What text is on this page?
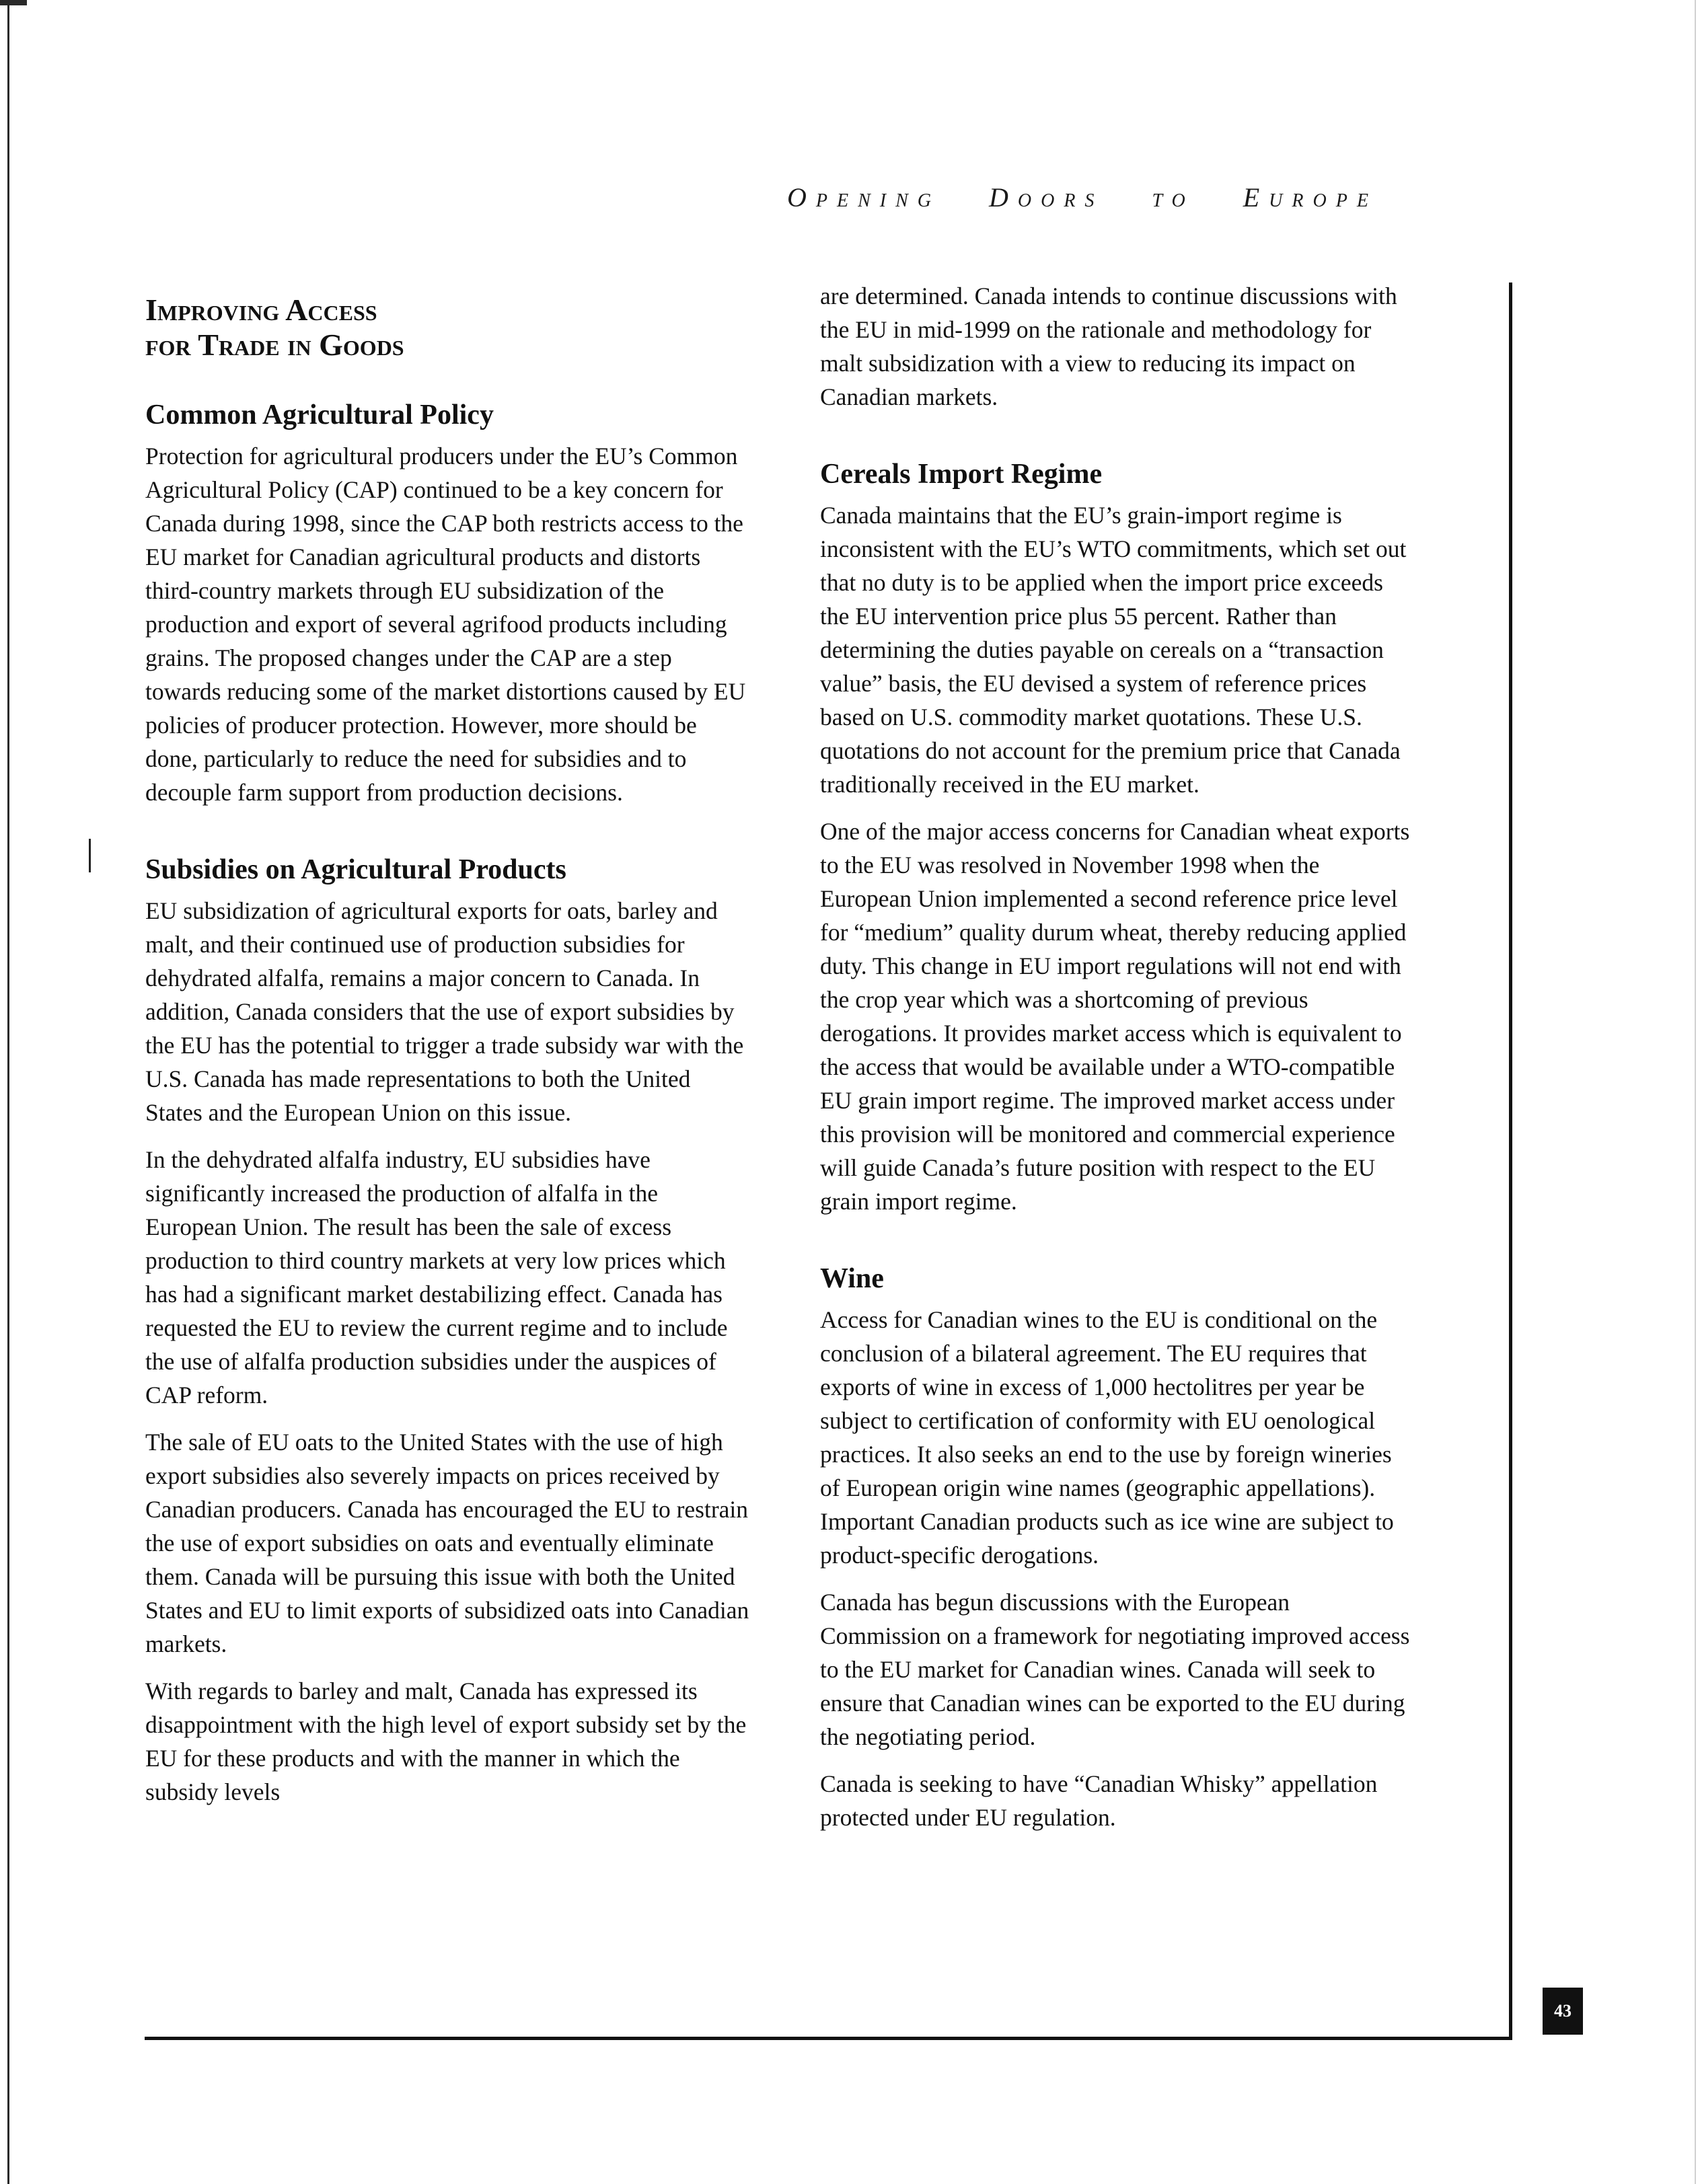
Opening Doors to Europe
Improving Access
for Trade in Goods
Common Agricultural Policy

Protection for agricultural producers under the EU’s Common Agricultural Policy (CAP) continued to be a key concern for Canada during 1998, since the CAP both restricts access to the EU market for Canadian agricultural products and distorts third-country markets through EU subsidization of the production and export of several agrifood products including grains. The proposed changes under the CAP are a step towards reducing some of the market distortions caused by EU policies of producer protection. However, more should be done, particularly to reduce the need for subsidies and to decouple farm support from production decisions.

Subsidies on Agricultural Products

EU subsidization of agricultural exports for oats, barley and malt, and their continued use of production subsidies for dehydrated alfalfa, remains a major concern to Canada. In addition, Canada considers that the use of export subsidies by the EU has the potential to trigger a trade subsidy war with the U.S. Canada has made representations to both the United States and the European Union on this issue.

In the dehydrated alfalfa industry, EU subsidies have significantly increased the production of alfalfa in the European Union. The result has been the sale of excess production to third country markets at very low prices which has had a significant market destabilizing effect. Canada has requested the EU to review the current regime and to include the use of alfalfa production subsidies under the auspices of CAP reform.

The sale of EU oats to the United States with the use of high export subsidies also severely impacts on prices received by Canadian producers. Canada has encouraged the EU to restrain the use of export subsidies on oats and eventually eliminate them. Canada will be pursuing this issue with both the United States and EU to limit exports of subsidized oats into Canadian markets.

With regards to barley and malt, Canada has expressed its disappointment with the high level of export subsidy set by the EU for these products and with the manner in which the subsidy levels

are determined. Canada intends to continue discussions with the EU in mid-1999 on the rationale and methodology for malt subsidization with a view to reducing its impact on Canadian markets.

Cereals Import Regime

Canada maintains that the EU’s grain-import regime is inconsistent with the EU’s WTO commitments, which set out that no duty is to be applied when the import price exceeds the EU intervention price plus 55 percent. Rather than determining the duties payable on cereals on a “transaction value” basis, the EU devised a system of reference prices based on U.S. commodity market quotations. These U.S. quotations do not account for the premium price that Canada traditionally received in the EU market.

One of the major access concerns for Canadian wheat exports to the EU was resolved in November 1998 when the European Union implemented a second reference price level for “medium” quality durum wheat, thereby reducing applied duty. This change in EU import regulations will not end with the crop year which was a shortcoming of previous derogations. It provides market access which is equivalent to the access that would be available under a WTO-compatible EU grain import regime. The improved market access under this provision will be monitored and commercial experience will guide Canada’s future position with respect to the EU grain import regime.

Wine

Access for Canadian wines to the EU is conditional on the conclusion of a bilateral agreement. The EU requires that exports of wine in excess of 1,000 hectolitres per year be subject to certification of conformity with EU oenological practices. It also seeks an end to the use by foreign wineries of European origin wine names (geographic appellations). Important Canadian products such as ice wine are subject to product-specific derogations.

Canada has begun discussions with the European Commission on a framework for negotiating improved access to the EU market for Canadian wines. Canada will seek to ensure that Canadian wines can be exported to the EU during the negotiating period.

Canada is seeking to have “Canadian Whisky” appellation protected under EU regulation.

43
